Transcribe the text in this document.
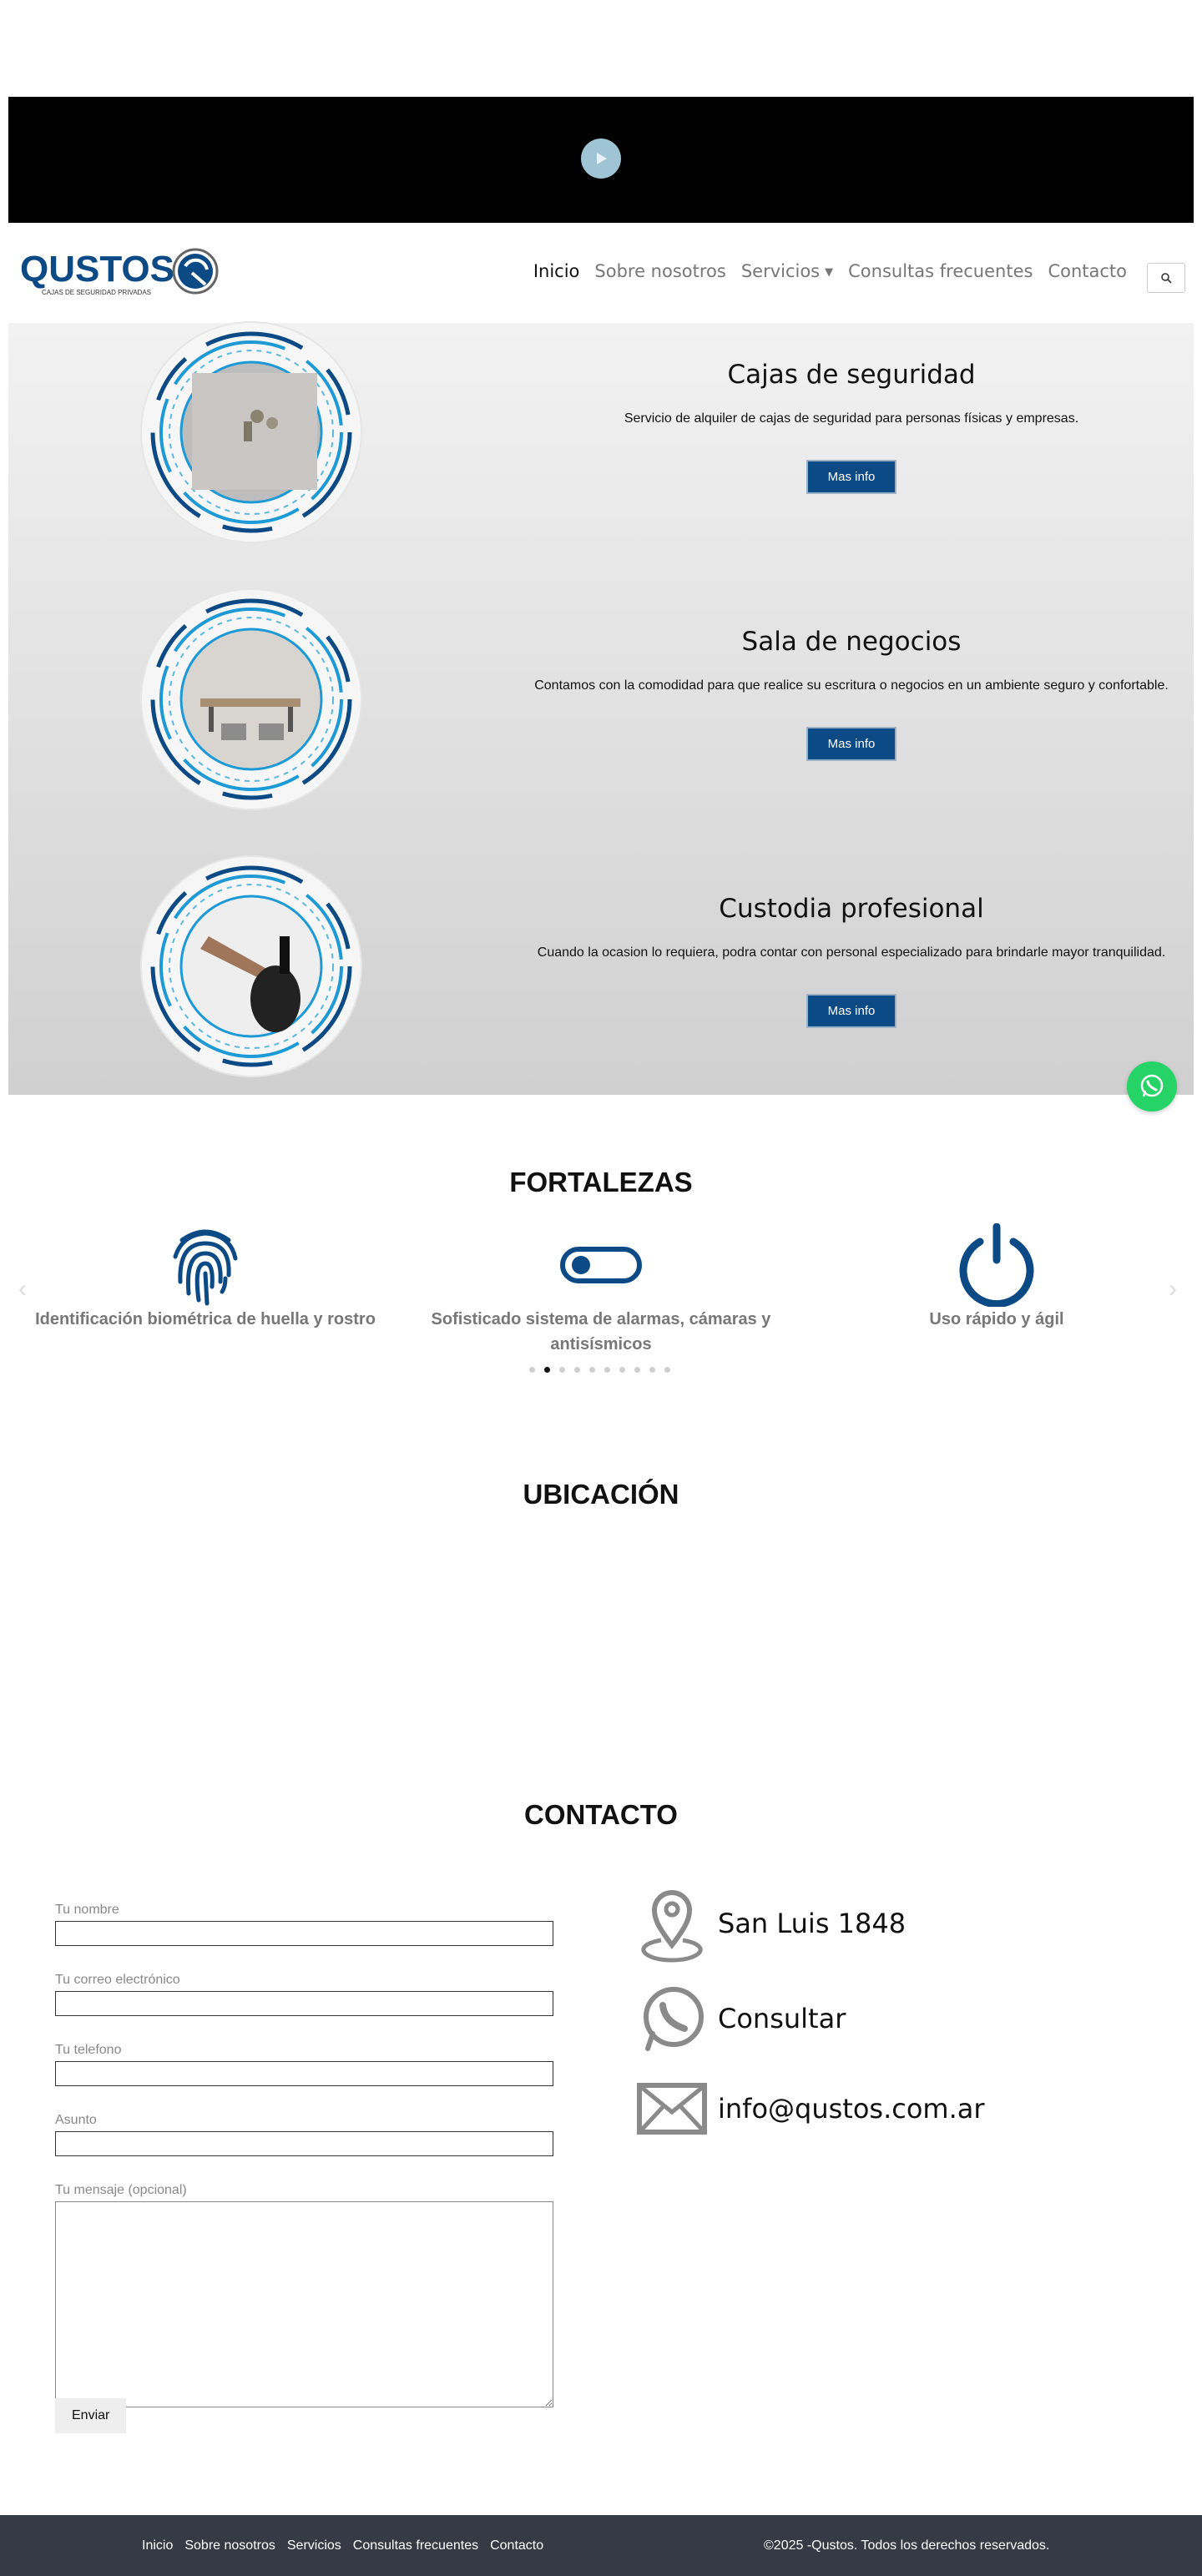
QUSTOS
CAJAS DE SEGURIDAD PRIVADAS
Inicio Sobre nosotros Servicios ▼ Consultas frecuentes Contacto
Cajas de seguridad
Servicio de alquiler de cajas de seguridad para personas físicas y empresas.
Mas info
Sala de negocios
Contamos con la comodidad para que realice su escritura o negocios en un ambiente seguro y confortable.
Mas info
Custodia profesional
Cuando la ocasion lo requiera, podra contar con personal especializado para brindarle mayor tranquilidad.
Mas info
FORTALEZAS
‹	›
Identificación biométrica de huella y rostro	Sofisticado sistema de alarmas, cámaras y antisísmicos
Uso rápido y ágil
UBICACIÓN
CONTACTO
Tu nombre
Tu correo electrónico
Tu telefono
Asunto
Tu mensaje (opcional)
Enviar
San Luis 1848
Consultar
info@qustos.com.ar
Inicio Sobre nosotros Servicios Consultas frecuentes Contacto	©2025 -Qustos. Todos los derechos reservados.
